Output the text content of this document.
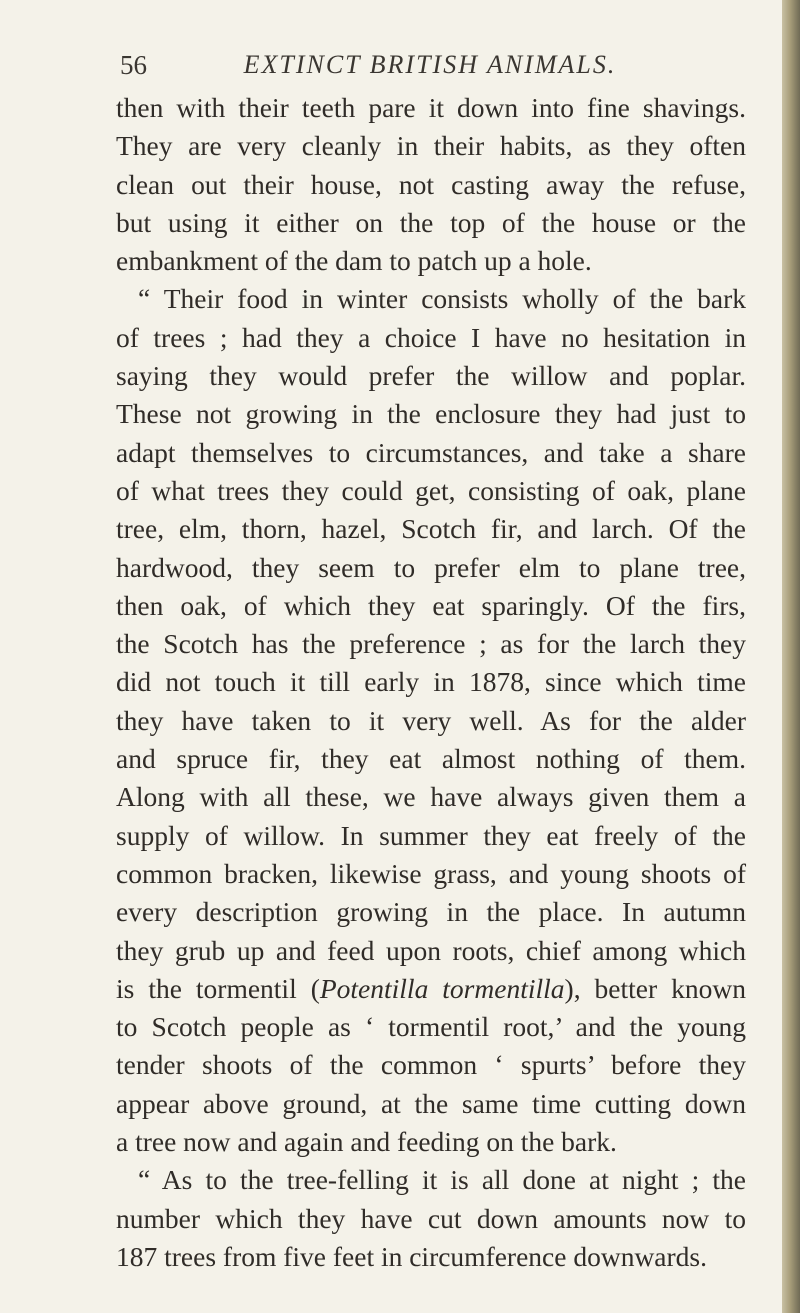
56	EXTINCT BRITISH ANIMALS.
then with their teeth pare it down into fine shavings.
They are very cleanly in their habits, as they often
clean out their house, not casting away the refuse,
but using it either on the top of the house or the
embankment of the dam to patch up a hole.
“ Their food in winter consists wholly of the bark
of trees ; had they a choice I have no hesitation in
saying they would prefer the willow and poplar.
These not growing in the enclosure they had just to
adapt themselves to circumstances, and take a share
of what trees they could get, consisting of oak, plane
tree, elm, thorn, hazel, Scotch fir, and larch. Of the
hardwood, they seem to prefer elm to plane tree,
then oak, of which they eat sparingly. Of the firs,
the Scotch has the preference ; as for the larch they
did not touch it till early in 1878, since which time
they have taken to it very well. As for the alder
and spruce fir, they eat almost nothing of them.
Along with all these, we have always given them a
supply of willow. In summer they eat freely of the
common bracken, likewise grass, and young shoots of
every description growing in the place. In autumn
they grub up and feed upon roots, chief among which
is the tormentil (Potentilla tormentilla), better known
to Scotch people as ‘ tormentil root,’ and the young
tender shoots of the common ‘ spurts’ before they
appear above ground, at the same time cutting down
a tree now and again and feeding on the bark.
“ As to the tree-felling it is all done at night ; the
number which they have cut down amounts now to
187 trees from five feet in circumference downwards.
